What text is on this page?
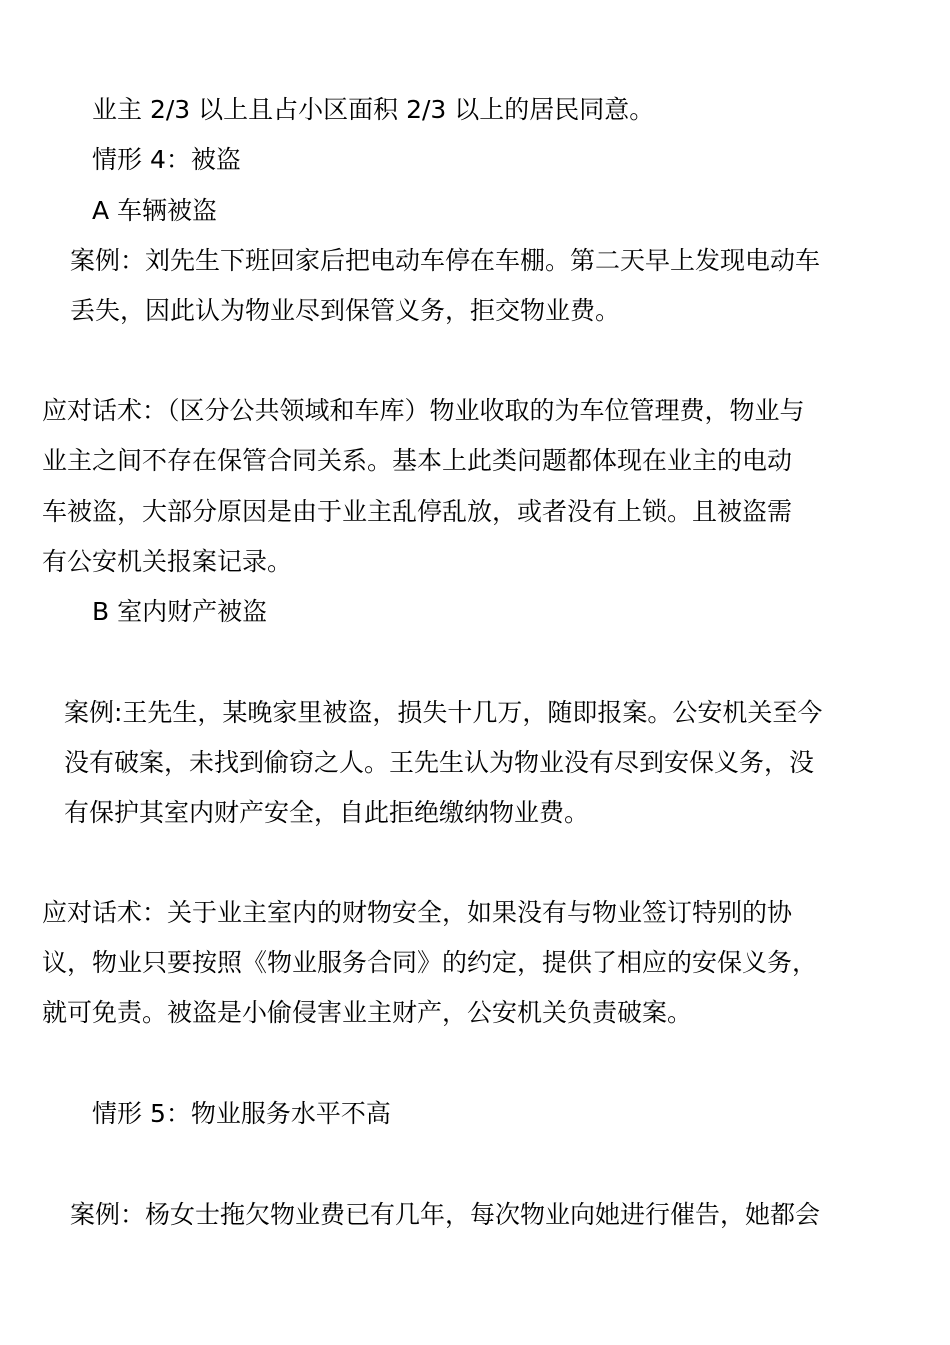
业主 2/3 以上且占小区面积 2/3 以上的居民同意。
情形 4：被盗
A 车辆被盗
案例：刘先生下班回家后把电动车停在车棚。第二天早上发现电动车
丢失，因此认为物业尽到保管义务，拒交物业费。
应对话术：（区分公共领域和车库）物业收取的为车位管理费，物业与
业主之间不存在保管合同关系。基本上此类问题都体现在业主的电动
车被盗，大部分原因是由于业主乱停乱放，或者没有上锁。且被盗需
有公安机关报案记录。
B 室内财产被盗
案例:王先生，某晚家里被盗，损失十几万，随即报案。公安机关至今
没有破案，未找到偷窃之人。王先生认为物业没有尽到安保义务，没
有保护其室内财产安全，自此拒绝缴纳物业费。
应对话术：关于业主室内的财物安全，如果没有与物业签订特别的协
议，物业只要按照《物业服务合同》的约定，提供了相应的安保义务，
就可免责。被盗是小偷侵害业主财产，公安机关负责破案。
情形 5：物业服务水平不高
案例：杨女士拖欠物业费已有几年，每次物业向她进行催告，她都会
